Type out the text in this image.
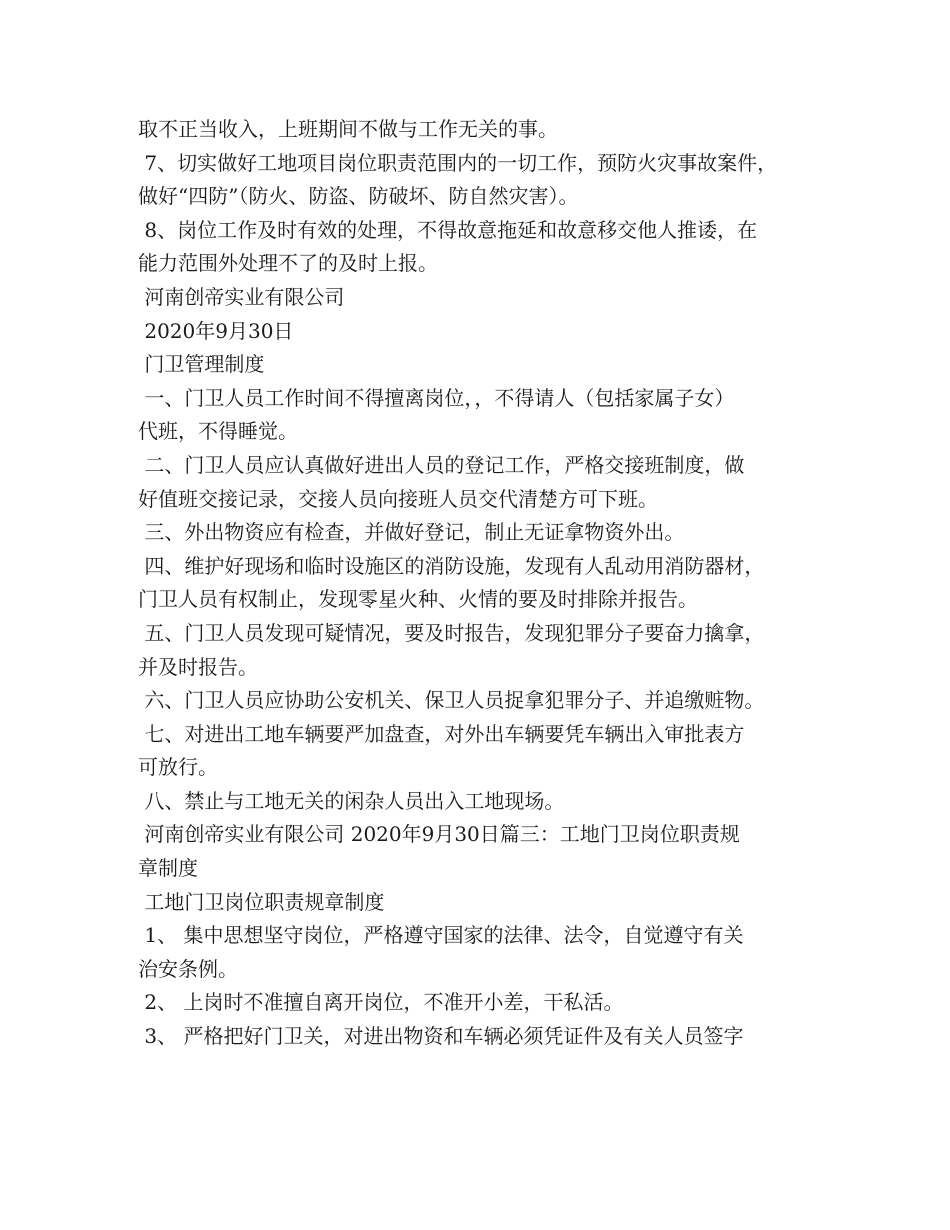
取不正当收入，上班期间不做与工作无关的事。
7、切实做好工地项目岗位职责范围内的一切工作，预防火灾事故案件，
做好“四防”（防火、防盗、防破坏、防自然灾害）。
8、岗位工作及时有效的处理，不得故意拖延和故意移交他人推诿，在
能力范围外处理不了的及时上报。
河南创帝实业有限公司
2020年9月30日
门卫管理制度
一、门卫人员工作时间不得擅离岗位，，不得请人（包括家属子女）
代班，不得睡觉。
二、门卫人员应认真做好进出人员的登记工作，严格交接班制度，做
好值班交接记录，交接人员向接班人员交代清楚方可下班。
三、外出物资应有检查，并做好登记，制止无证拿物资外出。
四、维护好现场和临时设施区的消防设施，发现有人乱动用消防器材，
门卫人员有权制止，发现零星火种、火情的要及时排除并报告。
五、门卫人员发现可疑情况，要及时报告，发现犯罪分子要奋力擒拿，
并及时报告。
六、门卫人员应协助公安机关、保卫人员捉拿犯罪分子、并追缴赃物。
七、对进出工地车辆要严加盘查，对外出车辆要凭车辆出入审批表方
可放行。
八、禁止与工地无关的闲杂人员出入工地现场。
河南创帝实业有限公司 2020年9月30日篇三：工地门卫岗位职责规
章制度
工地门卫岗位职责规章制度
1、 集中思想坚守岗位，严格遵守国家的法律、法令，自觉遵守有关
治安条例。
2、 上岗时不准擅自离开岗位，不准开小差，干私活。
3、 严格把好门卫关，对进出物资和车辆必须凭证件及有关人员签字
